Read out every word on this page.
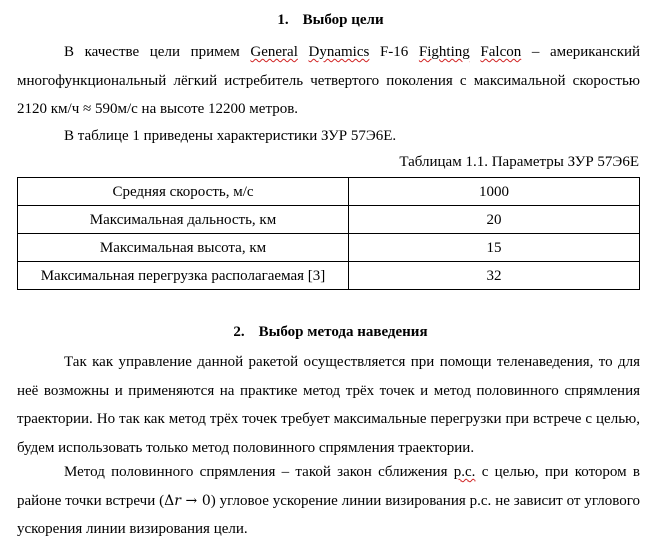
1. Выбор цели
В качестве цели примем General Dynamics F-16 Fighting Falcon – американский многофункциональный лёгкий истребитель четвертого поколения с максимальной скоростью 2120 км/ч ≈ 590м/с на высоте 12200 метров.
В таблице 1 приведены характеристики ЗУР 57Э6Е.
Таблицам 1.1. Параметры ЗУР 57Э6Е
Средняя скорость, м/с	1000
Максимальная дальность, км	20
Максимальная высота, км	15
Максимальная перегрузка располагаемая [3]	32
2. Выбор метода наведения
Так как управление данной ракетой осуществляется при помощи теленаведения, то для неё возможны и применяются на практике метод трёх точек и метод половинного спрямления траектории. Но так как метод трёх точек требует максимальные перегрузки при встрече с целью, будем использовать только метод половинного спрямления траектории.
Метод половинного спрямления – такой закон сближения р.с. с целью, при котором в районе точки встречи (Δr → 0) угловое ускорение линии визирования р.с. не зависит от углового ускорения линии визирования цели.
